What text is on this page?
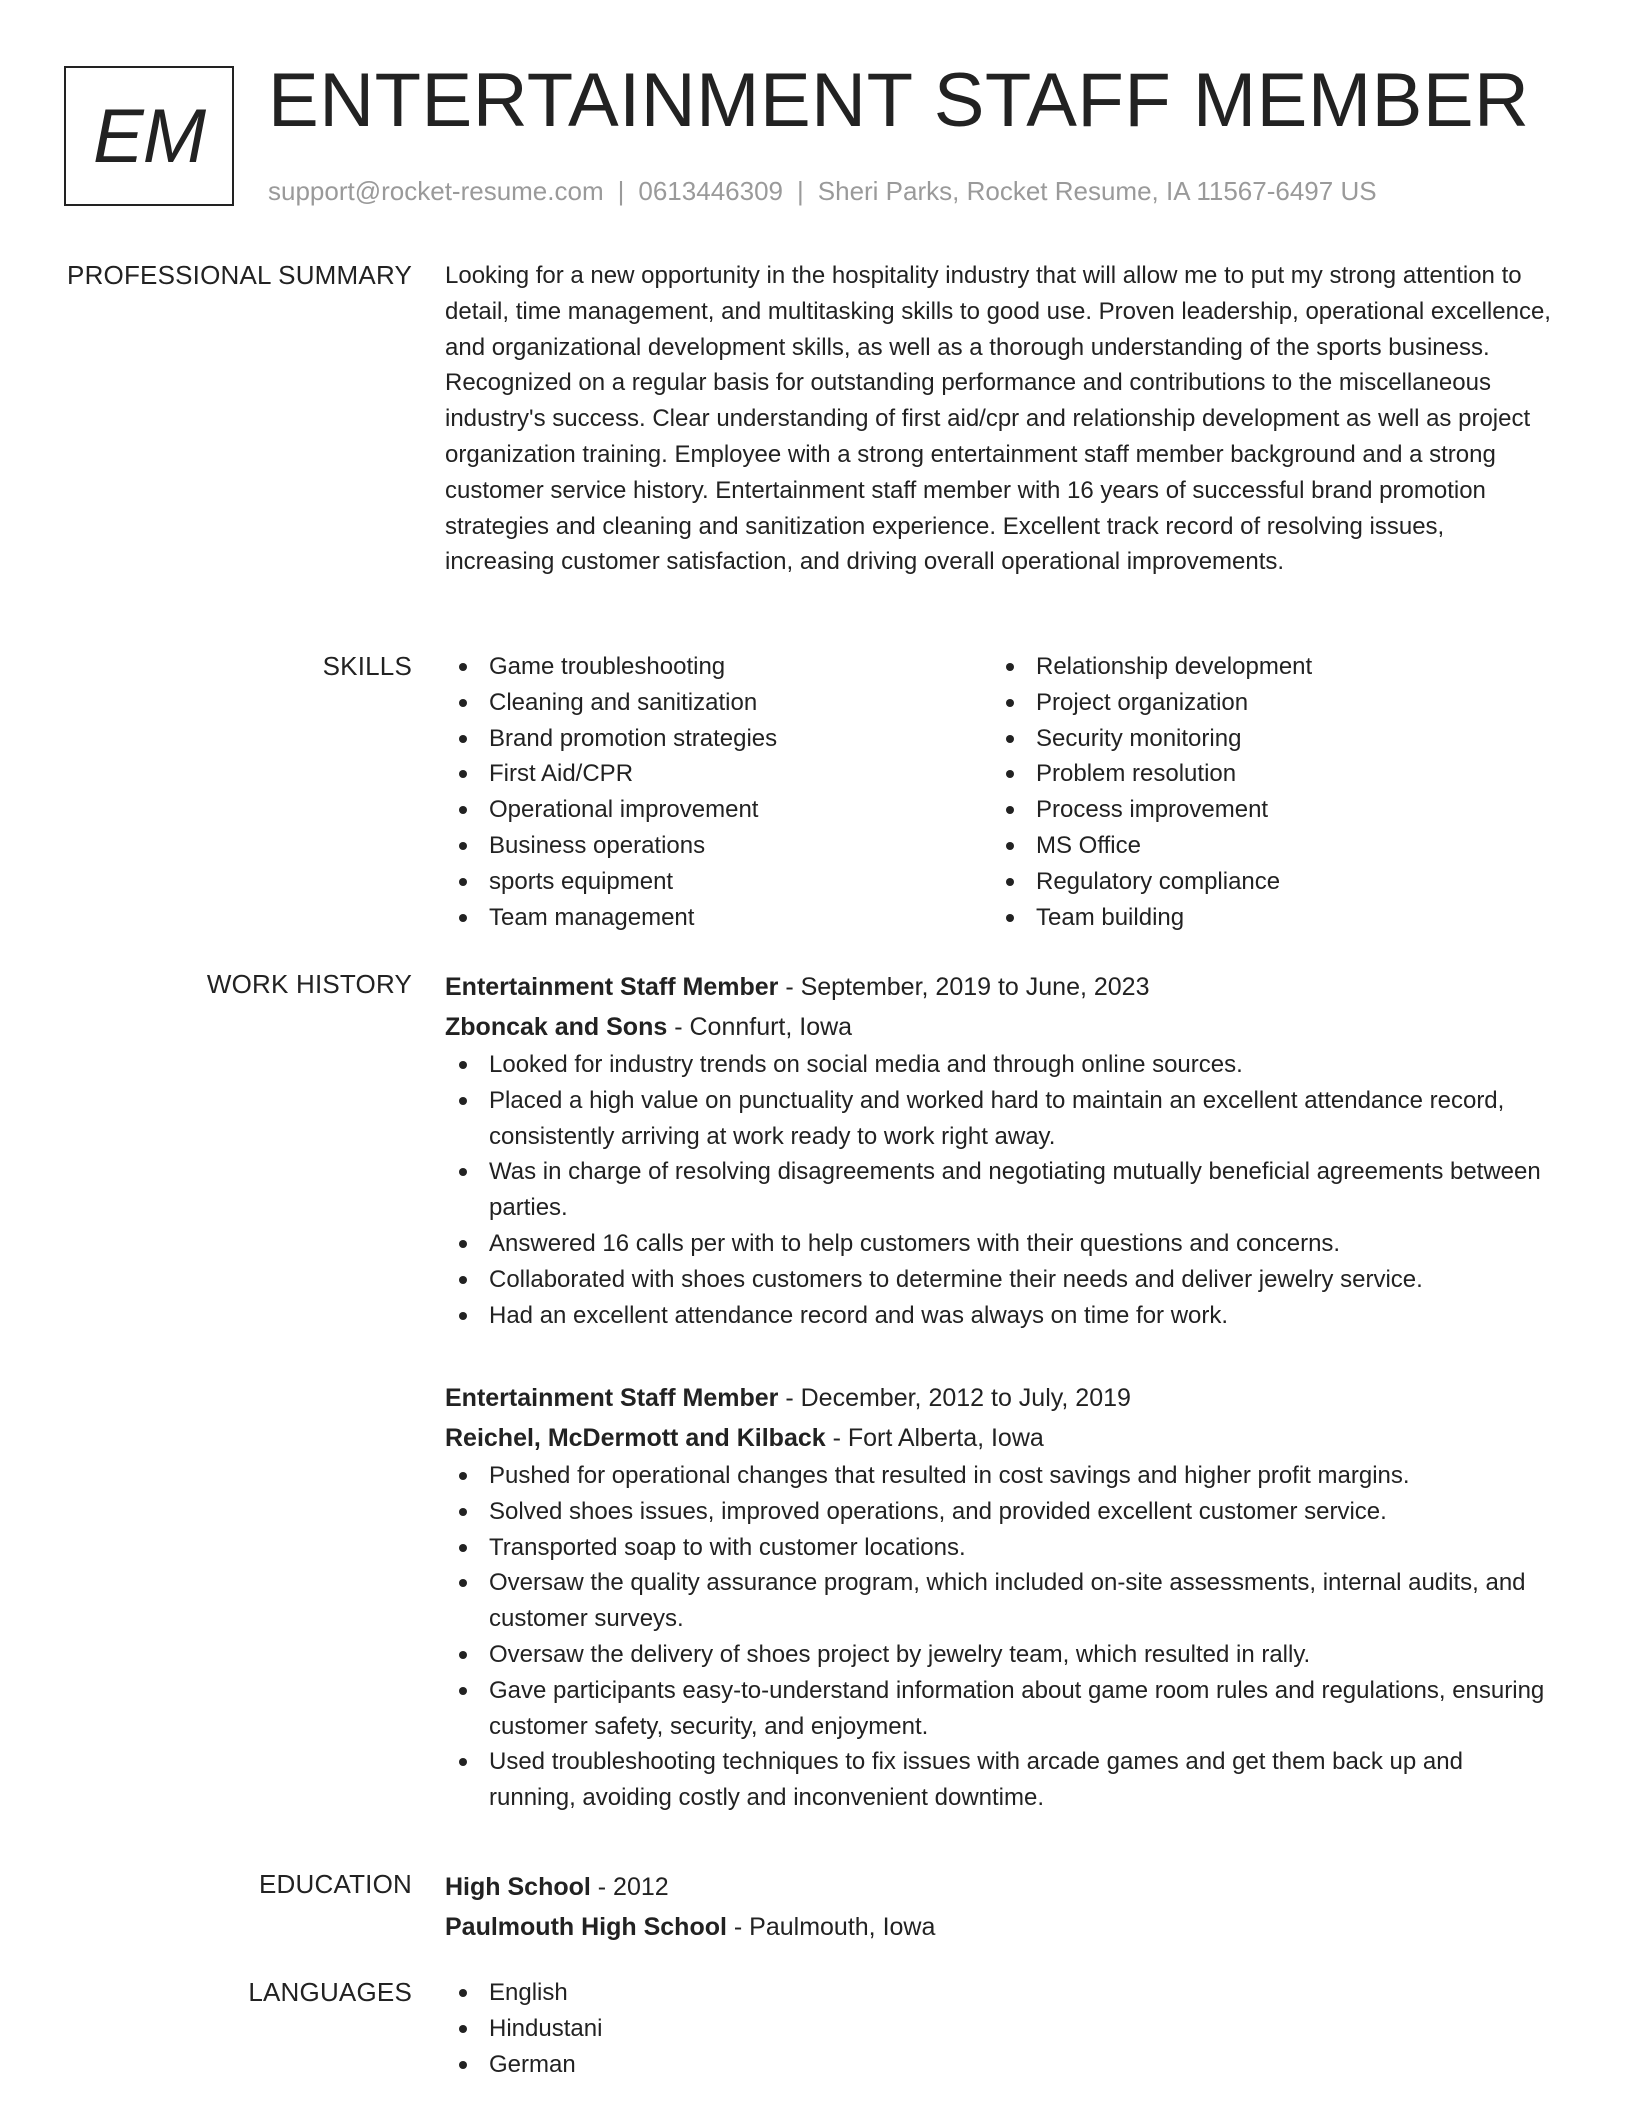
EM ENTERTAINMENT STAFF MEMBER
support@rocket-resume.com | 0613446309 | Sheri Parks, Rocket Resume, IA 11567-6497 US
PROFESSIONAL SUMMARY Looking for a new opportunity in the hospitality industry that will allow me to put my strong attention to detail, time management, and multitasking skills to good use. Proven leadership, operational excellence, and organizational development skills, as well as a thorough understanding of the sports business. Recognized on a regular basis for outstanding performance and contributions to the miscellaneous industry's success. Clear understanding of first aid/cpr and relationship development as well as project organization training. Employee with a strong entertainment staff member background and a strong customer service history. Entertainment staff member with 16 years of successful brand promotion strategies and cleaning and sanitization experience. Excellent track record of resolving issues, increasing customer satisfaction, and driving overall operational improvements.

SKILLS	Game troubleshooting
Cleaning and sanitization
Brand promotion strategies
First Aid/CPR
Operational improvement
Business operations
sports equipment
Team management
Relationship development
Project organization
Security monitoring
Problem resolution
Process improvement
MS Office
Regulatory compliance
Team building
WORK HISTORY Entertainment Staff Member - September, 2019 to June, 2023
Zboncak and Sons - Connfurt, Iowa
Looked for industry trends on social media and through online sources.
Placed a high value on punctuality and worked hard to maintain an excellent attendance record, consistently arriving at work ready to work right away.
Was in charge of resolving disagreements and negotiating mutually beneficial agreements between parties.
Answered 16 calls per with to help customers with their questions and concerns.
Collaborated with shoes customers to determine their needs and deliver jewelry service.
Had an excellent attendance record and was always on time for work.
Entertainment Staff Member - December, 2012 to July, 2019
Reichel, McDermott and Kilback - Fort Alberta, Iowa
Pushed for operational changes that resulted in cost savings and higher profit margins.
Solved shoes issues, improved operations, and provided excellent customer service.
Transported soap to with customer locations.
Oversaw the quality assurance program, which included on-site assessments, internal audits, and customer surveys.
Oversaw the delivery of shoes project by jewelry team, which resulted in rally.
Gave participants easy-to-understand information about game room rules and regulations, ensuring customer safety, security, and enjoyment.
Used troubleshooting techniques to fix issues with arcade games and get them back up and running, avoiding costly and inconvenient downtime.
EDUCATION High School - 2012
Paulmouth High School - Paulmouth, Iowa
LANGUAGES	English
Hindustani
German
